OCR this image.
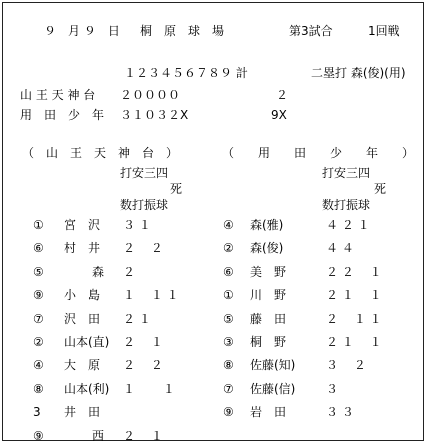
９　月 ９　日 桐　原　球　場	第3試合	1回戦
１２３４５６７８９ 計	二塁打 森(俊)(用)
山 王 天 神 台 ２００００	２
用　田　少　年 ３１０３２X	9X
（　山　王　天　神　台　）	（　　用　　田　　少　　年　　）
打安三四
死
数打振球
打安三四
死
数打振球
① 宮　沢 ３ １
⑥ 村　井 ２　 ２
⑤	森 ２
⑨ 小　島 １　 １ １
⑦ 沢　田 ２ １
② 山本(直) ２　 １
④ 大　原 ２　 ２
⑧ 山本(利) １　　 １
3 井　田
⑨	西 ２　 １
④ 森(雅)	４ ２ １
② 森(俊)	４ ４
⑥ 美　野	２ ２　 １
① 川　野	２ １　 １
⑤ 藤　田	２　 １ １
③ 桐　野	２ １　 １
⑧ 佐藤(知)	３　 ２
⑦ 佐藤(信)	３
⑨ 岩　田	３ ３
